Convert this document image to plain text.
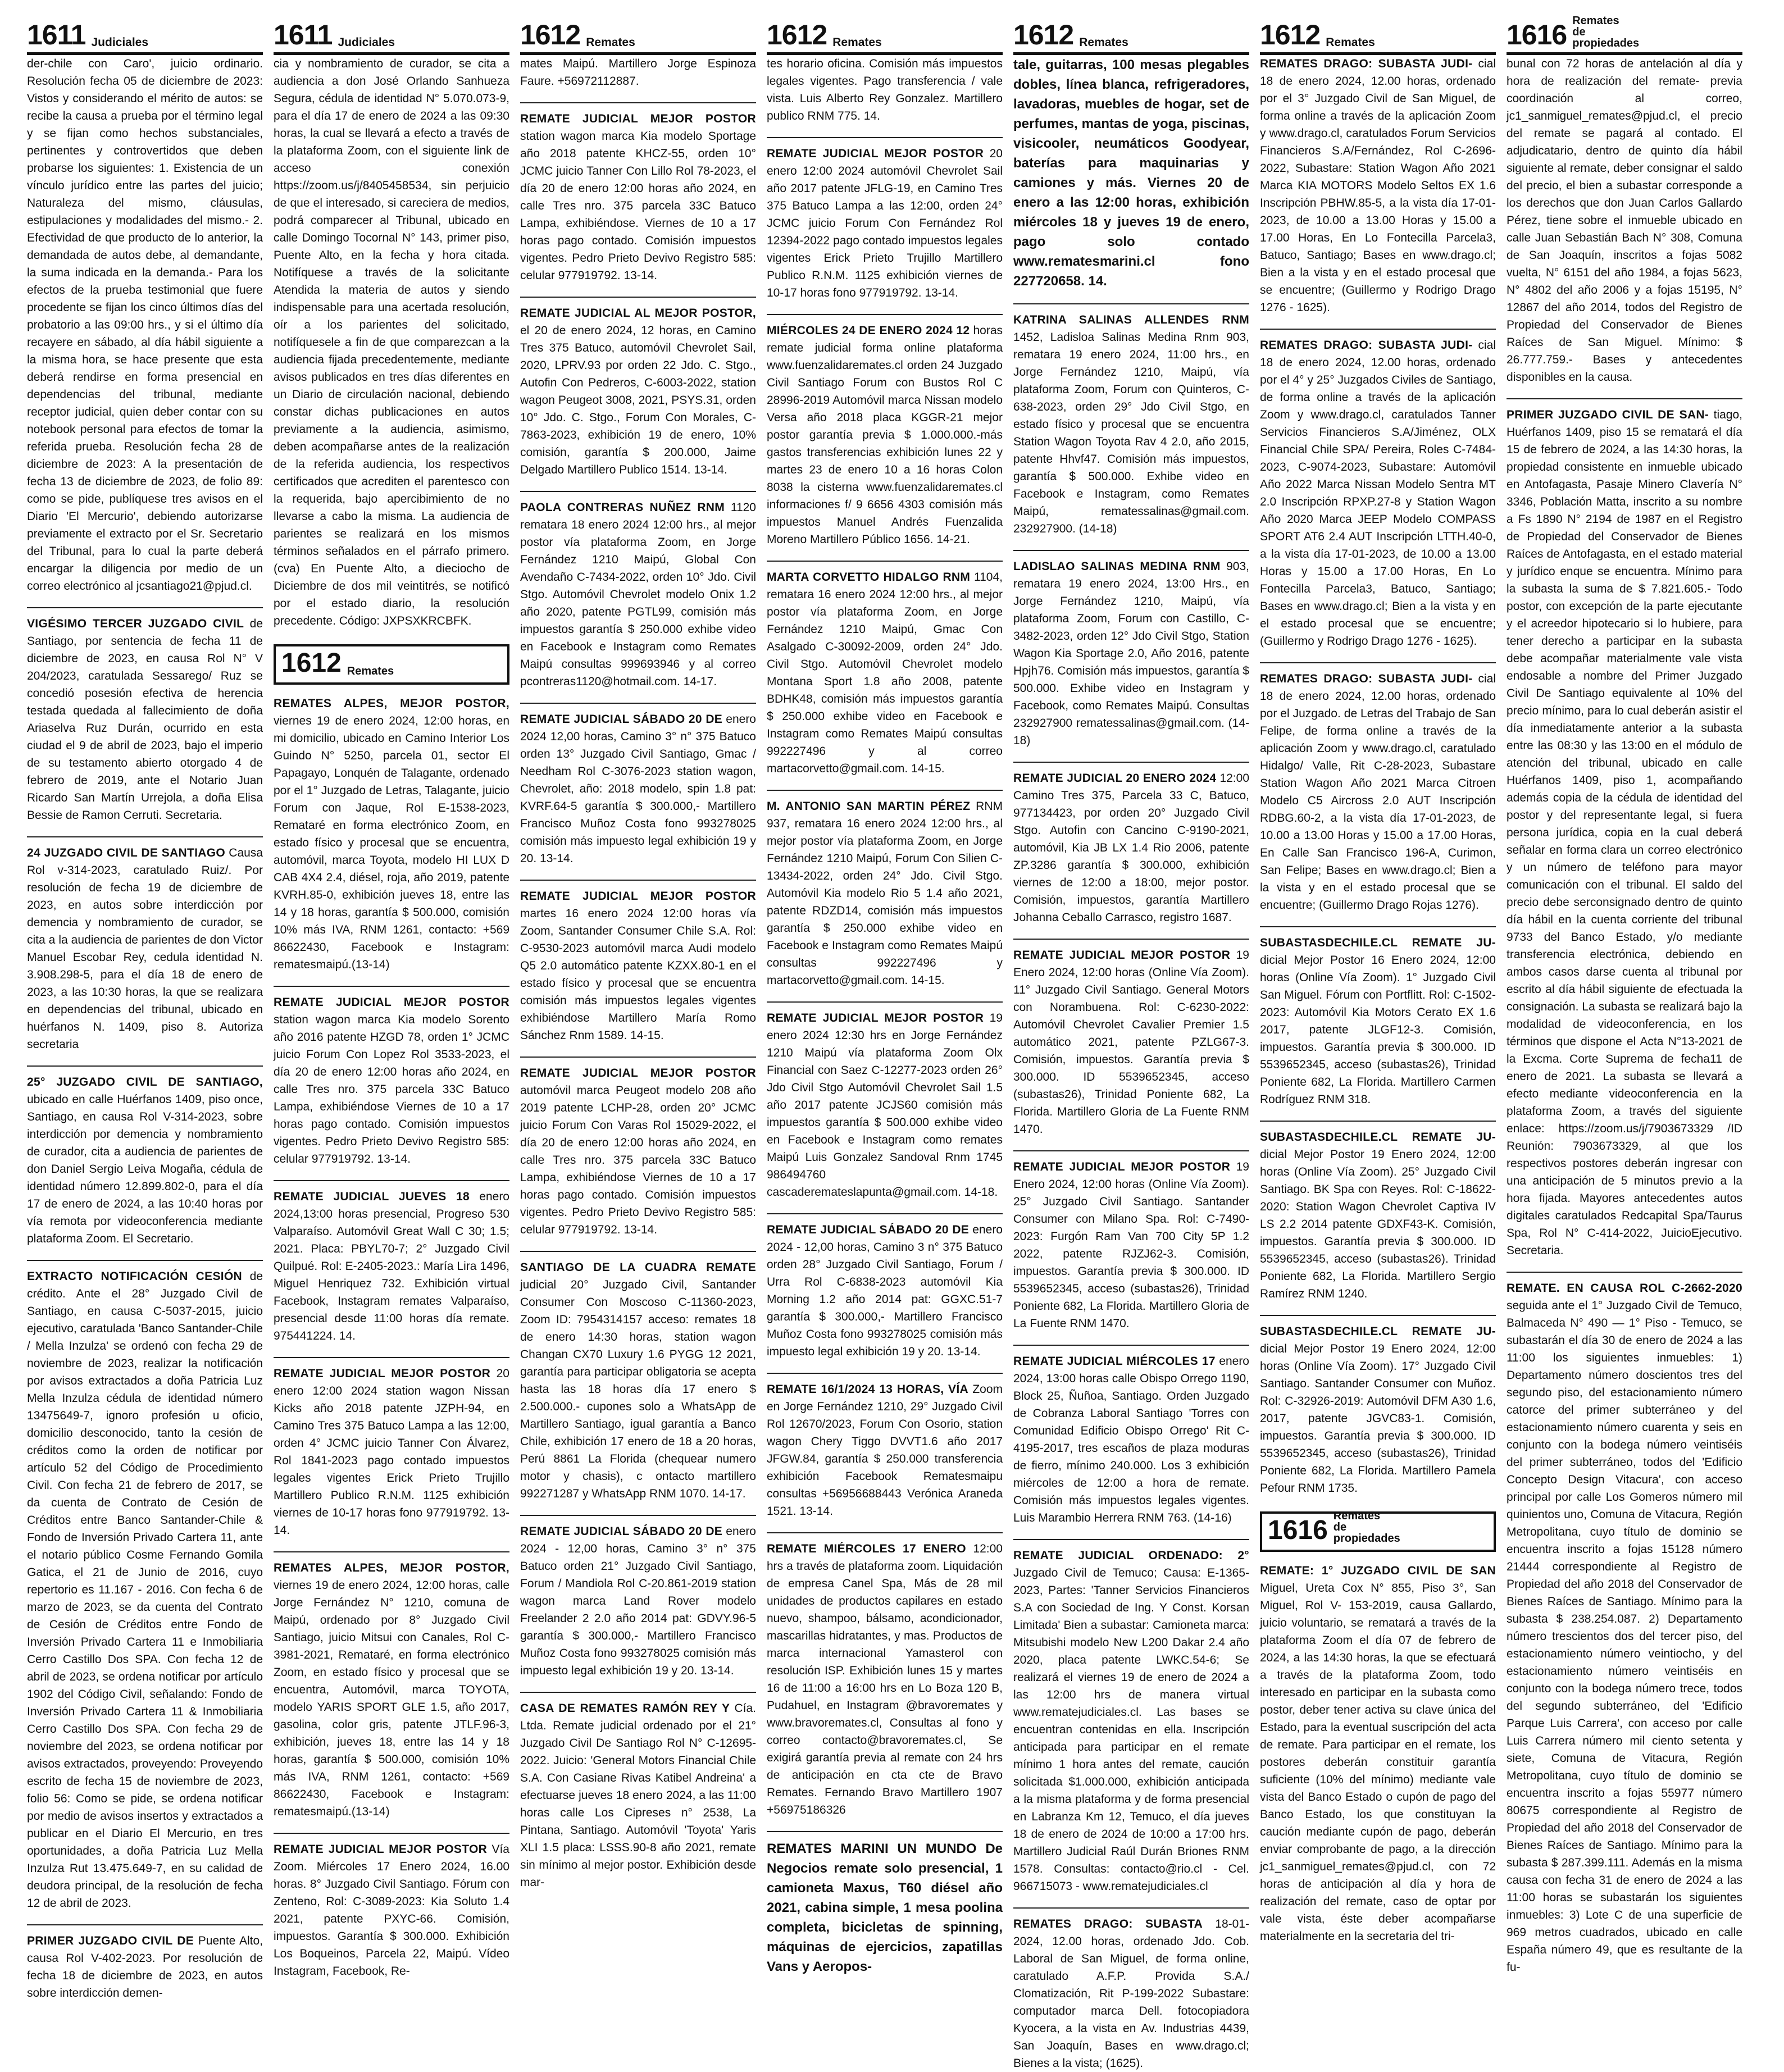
1611 Judiciales
der-chile con Caro', juicio ordinario. Resolución fecha 05 de diciembre de 2023: Vistos y considerando el mérito de autos: se recibe la causa a prueba por el término legal y se fijan como hechos substanciales, pertinentes y controvertidos que deben probarse los siguientes: 1. Existencia de un vínculo jurídico entre las partes del juicio; Naturaleza del mismo, cláusulas, estipulaciones y modalidades del mismo.- 2. Efectividad de que producto de lo anterior, la demandada de autos debe, al demandante, la suma indicada en la demanda.- Para los efectos de la prueba testimonial que fuere procedente se fijan los cinco últimos días del probatorio a las 09:00 hrs., y si el último día recayere en sábado, al día hábil siguiente a la misma hora, se hace presente que esta deberá rendirse en forma presencial en dependencias del tribunal, mediante receptor judicial, quien deber contar con su notebook personal para efectos de tomar la referida prueba. Resolución fecha 28 de diciembre de 2023: A la presentación de fecha 13 de diciembre de 2023, de folio 89: como se pide, publíquese tres avisos en el Diario 'El Mercurio', debiendo autorizarse previamente el extracto por el Sr. Secretario del Tribunal, para lo cual la parte deberá encargar la diligencia por medio de un correo electrónico al jcsantiago21@pjud.cl.
VIGÉSIMO TERCER JUZGADO CIVIL de Santiago, por sentencia de fecha 11 de diciembre de 2023, en causa Rol N° V 204/2023, caratulada Sessarego/ Ruz se concedió posesión efectiva de herencia testada quedada al fallecimiento de doña Ariaselva Ruz Durán, ocurrido en esta ciudad el 9 de abril de 2023, bajo el imperio de su testamento abierto otorgado 4 de febrero de 2019, ante el Notario Juan Ricardo San Martín Urrejola, a doña Elisa Bessie de Ramon Cerruti. Secretaria.
24 JUZGADO CIVIL DE SANTIAGO Causa Rol v-314-2023, caratulado Ruiz/. Por resolución de fecha 19 de diciembre de 2023, en autos sobre interdicción por demencia y nombramiento de curador, se cita a la audiencia de parientes de don Victor Manuel Escobar Rey, cedula identidad N. 3.908.298-5, para el día 18 de enero de 2023, a las 10:30 horas, la que se realizara en dependencias del tribunal, ubicado en huérfanos N. 1409, piso 8. Autoriza secretaria
25° JUZGADO CIVIL DE SANTIAGO, ubicado en calle Huérfanos 1409, piso once, Santiago, en causa Rol V-314-2023, sobre interdicción por demencia y nombramiento de curador, cita a audiencia de parientes de don Daniel Sergio Leiva Mogaña, cédula de identidad número 12.899.802-0, para el día 17 de enero de 2024, a las 10:40 horas por vía remota por videoconferencia mediante plataforma Zoom. El Secretario.
EXTRACTO NOTIFICACIÓN CESIÓN de crédito. Ante el 28° Juzgado Civil de Santiago, en causa C-5037-2015, juicio ejecutivo, caratulada 'Banco Santander-Chile / Mella Inzulza' se ordenó con fecha 29 de noviembre de 2023, realizar la notificación por avisos extractados a doña Patricia Luz Mella Inzulza cédula de identidad número 13475649-7, ignoro profesión u oficio, domicilio desconocido, tanto la cesión de créditos como la orden de notificar por artículo 52 del Código de Procedimiento Civil. Con fecha 21 de febrero de 2017, se da cuenta de Contrato de Cesión de Créditos entre Banco Santander-Chile & Fondo de Inversión Privado Cartera 11, ante el notario público Cosme Fernando Gomila Gatica, el 21 de Junio de 2016, cuyo repertorio es 11.167 - 2016. Con fecha 6 de marzo de 2023, se da cuenta del Contrato de Cesión de Créditos entre Fondo de Inversión Privado Cartera 11 e Inmobiliaria Cerro Castillo Dos SPA. Con fecha 12 de abril de 2023, se ordena notificar por artículo 1902 del Código Civil, señalando: Fondo de Inversión Privado Cartera 11 & Inmobiliaria Cerro Castillo Dos SPA. Con fecha 29 de noviembre del 2023, se ordena notificar por avisos extractados, proveyendo: Proveyendo escrito de fecha 15 de noviembre de 2023, folio 56: Como se pide, se ordena notificar por medio de avisos insertos y extractados a publicar en el Diario El Mercurio, en tres oportunidades, a doña Patricia Luz Mella Inzulza Rut 13.475.649-7, en su calidad de deudora principal, de la resolución de fecha 12 de abril de 2023.
PRIMER JUZGADO CIVIL DE Puente Alto, causa Rol V-402-2023. Por resolución de fecha 18 de diciembre de 2023, en autos sobre interdicción demen-
1611 Judiciales
cia y nombramiento de curador, se cita a audiencia a don José Orlando Sanhueza Segura, cédula de identidad N° 5.070.073-9, para el día 17 de enero de 2024 a las 09:30 horas, la cual se llevará a efecto a través de la plataforma Zoom, con el siguiente link de acceso conexión https://zoom.us/j/8405458534, sin perjuicio de que el interesado, si careciera de medios, podrá comparecer al Tribunal, ubicado en calle Domingo Tocornal N° 143, primer piso, Puente Alto, en la fecha y hora citada. Notifíquese a través de la solicitante Atendida la materia de autos y siendo indispensable para una acertada resolución, oír a los parientes del solicitado, notifíquesele a fin de que comparezcan a la audiencia fijada precedentemente, mediante avisos publicados en tres días diferentes en un Diario de circulación nacional, debiendo constar dichas publicaciones en autos previamente a la audiencia, asimismo, deben acompañarse antes de la realización de la referida audiencia, los respectivos certificados que acrediten el parentesco con la requerida, bajo apercibimiento de no llevarse a cabo la misma. La audiencia de parientes se realizará en los mismos términos señalados en el párrafo primero. (cva) En Puente Alto, a dieciocho de Diciembre de dos mil veintitrés, se notificó por el estado diario, la resolución precedente. Código: JXPSXKRCBFK.
1612 Remates
REMATES ALPES, MEJOR POSTOR, viernes 19 de enero 2024, 12:00 horas, en mi domicilio, ubicado en Camino Interior Los Guindo N° 5250, parcela 01, sector El Papagayo, Lonquén de Talagante, ordenado por el 1° Juzgado de Letras, Talagante, juicio Forum con Jaque, Rol E-1538-2023, Remataré en forma electrónico Zoom, en estado físico y procesal que se encuentra, automóvil, marca Toyota, modelo HI LUX D CAB 4X4 2.4, diésel, roja, año 2019, patente KVRH.85-0, exhibición jueves 18, entre las 14 y 18 horas, garantía $ 500.000, comisión 10% más IVA, RNM 1261, contacto: +569 86622430, Facebook e Instagram: rematesmaipú.(13-14)
REMATE JUDICIAL MEJOR POSTOR station wagon marca Kia modelo Sorento año 2016 patente HZGD 78, orden 1° JCMC juicio Forum Con Lopez Rol 3533-2023, el día 20 de enero 12:00 horas año 2024, en calle Tres nro. 375 parcela 33C Batuco Lampa, exhibiéndose Viernes de 10 a 17 horas pago contado. Comisión impuestos vigentes. Pedro Prieto Devivo Registro 585: celular 977919792. 13-14.
REMATE JUDICIAL JUEVES 18 enero 2024,13:00 horas presencial, Progreso 530 Valparaíso. Automóvil Great Wall C 30; 1.5; 2021. Placa: PBYL70-7; 2° Juzgado Civil Quilpué. Rol: E-2405-2023.: María Lira 1496, Miguel Henriquez 732. Exhibición virtual Facebook, Instagram remates Valparaíso, presencial desde 11:00 horas día remate. 975441224. 14.
REMATE JUDICIAL MEJOR POSTOR 20 enero 12:00 2024 station wagon Nissan Kicks año 2018 patente JZPH-94, en Camino Tres 375 Batuco Lampa a las 12:00, orden 4° JCMC juicio Tanner Con Álvarez, Rol 1841-2023 pago contado impuestos legales vigentes Erick Prieto Trujillo Martillero Publico R.N.M. 1125 exhibición viernes de 10-17 horas fono 977919792. 13-14.
REMATES ALPES, MEJOR POSTOR, viernes 19 de enero 2024, 12:00 horas, calle Jorge Fernández N° 1210, comuna de Maipú, ordenado por 8° Juzgado Civil Santiago, juicio Mitsui con Canales, Rol C-3981-2021, Remataré, en forma electrónico Zoom, en estado físico y procesal que se encuentra, Automóvil, marca TOYOTA, modelo YARIS SPORT GLE 1.5, año 2017, gasolina, color gris, patente JTLF.96-3, exhibición, jueves 18, entre las 14 y 18 horas, garantía $ 500.000, comisión 10% más IVA, RNM 1261, contacto: +569 86622430, Facebook e Instagram: rematesmaipú.(13-14)
REMATE JUDICIAL MEJOR POSTOR Vía Zoom. Miércoles 17 Enero 2024, 16.00 horas. 8° Juzgado Civil Santiago. Fórum con Zenteno, Rol: C-3089-2023: Kia Soluto 1.4 2021, patente PXYC-66. Comisión, impuestos. Garantía $ 300.000. Exhibición Los Boqueinos, Parcela 22, Maipú. Vídeo Instagram, Facebook, Re-
1612 Remates
mates Maipú. Martillero Jorge Espinoza Faure. +56972112887.
REMATE JUDICIAL MEJOR POSTOR station wagon marca Kia modelo Sportage año 2018 patente KHCZ-55, orden 10° JCMC juicio Tanner Con Lillo Rol 78-2023, el día 20 de enero 12:00 horas año 2024, en calle Tres nro. 375 parcela 33C Batuco Lampa, exhibiéndose. Viernes de 10 a 17 horas pago contado. Comisión impuestos vigentes. Pedro Prieto Devivo Registro 585: celular 977919792. 13-14.
REMATE JUDICIAL AL MEJOR POSTOR, el 20 de enero 2024, 12 horas, en Camino Tres 375 Batuco, automóvil Chevrolet Sail, 2020, LPRV.93 por orden 22 Jdo. C. Stgo., Autofin Con Pedreros, C-6003-2022, station wagon Peugeot 3008, 2021, PSYS.31, orden 10° Jdo. C. Stgo., Forum Con Morales, C-7863-2023, exhibición 19 de enero, 10% comisión, garantía $ 200.000, Jaime Delgado Martillero Publico 1514. 13-14.
PAOLA CONTRERAS NUÑEZ RNM 1120 rematara 18 enero 2024 12:00 hrs., al mejor postor vía plataforma Zoom, en Jorge Fernández 1210 Maipú, Global Con Avendaño C-7434-2022, orden 10° Jdo. Civil Stgo. Automóvil Chevrolet modelo Onix 1.2 año 2020, patente PGTL99, comisión más impuestos garantía $ 250.000 exhibe video en Facebook e Instagram como Remates Maipú consultas 999693946 y al correo pcontreras1120@hotmail.com. 14-17.
REMATE JUDICIAL SÁBADO 20 DE enero 2024 12,00 horas, Camino 3° n° 375 Batuco orden 13° Juzgado Civil Santiago, Gmac / Needham Rol C-3076-2023 station wagon, Chevrolet, año: 2018 modelo, spin 1.8 pat: KVRF.64-5 garantía $ 300.000,- Martillero Francisco Muñoz Costa fono 993278025 comisión más impuesto legal exhibición 19 y 20. 13-14.
REMATE JUDICIAL MEJOR POSTOR martes 16 enero 2024 12:00 horas vía Zoom, Santander Consumer Chile S.A. Rol: C-9530-2023 automóvil marca Audi modelo Q5 2.0 automático patente KZXX.80-1 en el estado físico y procesal que se encuentra comisión más impuestos legales vigentes exhibiéndose Martillero María Romo Sánchez Rnm 1589. 14-15.
REMATE JUDICIAL MEJOR POSTOR automóvil marca Peugeot modelo 208 año 2019 patente LCHP-28, orden 20° JCMC juicio Forum Con Varas Rol 15029-2022, el día 20 de enero 12:00 horas año 2024, en calle Tres nro. 375 parcela 33C Batuco Lampa, exhibiéndose Viernes de 10 a 17 horas pago contado. Comisión impuestos vigentes. Pedro Prieto Devivo Registro 585: celular 977919792. 13-14.
SANTIAGO DE LA CUADRA REMATE judicial 20° Juzgado Civil, Santander Consumer Con Moscoso C-11360-2023, Zoom ID: 7954314157 acceso: remates 18 de enero 14:30 horas, station wagon Changan CX70 Luxury 1.6 PYGG 12 2021, garantía para participar obligatoria se acepta hasta las 18 horas día 17 enero $ 2.500.000.- cupones solo a WhatsApp de Martillero Santiago, igual garantía a Banco Chile, exhibición 17 enero de 18 a 20 horas, Perú 8861 La Florida (chequear numero motor y chasis), c ontacto martillero 992271287 y WhatsApp RNM 1070. 14-17.
REMATE JUDICIAL SÁBADO 20 DE enero 2024 - 12,00 horas, Camino 3° n° 375 Batuco orden 21° Juzgado Civil Santiago, Forum / Mandiola Rol C-20.861-2019 station wagon marca Land Rover modelo Freelander 2 2.0 año 2014 pat: GDVY.96-5 garantía $ 300.000,- Martillero Francisco Muñoz Costa fono 993278025 comisión más impuesto legal exhibición 19 y 20. 13-14.
CASA DE REMATES RAMÓN REY Y Cía. Ltda. Remate judicial ordenado por el 21° Juzgado Civil De Santiago Rol N° C-12695-2022. Juicio: 'General Motors Financial Chile S.A. Con Casiane Rivas Katibel Andreina' a efectuarse jueves 18 enero 2024, a las 11:00 horas calle Los Cipreses n° 2538, La Pintana, Santiago. Automóvil 'Toyota' Yaris XLI 1.5 placa: LSSS.90-8 año 2021, remate sin mínimo al mejor postor. Exhibición desde mar-
1612 Remates
tes horario oficina. Comisión más impuestos legales vigentes. Pago transferencia / vale vista. Luis Alberto Rey Gonzalez. Martillero publico RNM 775. 14.
REMATE JUDICIAL MEJOR POSTOR 20 enero 12:00 2024 automóvil Chevrolet Sail año 2017 patente JFLG-19, en Camino Tres 375 Batuco Lampa a las 12:00, orden 24° JCMC juicio Forum Con Fernández Rol 12394-2022 pago contado impuestos legales vigentes Erick Prieto Trujillo Martillero Publico R.N.M. 1125 exhibición viernes de 10-17 horas fono 977919792. 13-14.
MIÉRCOLES 24 DE ENERO 2024 12 horas remate judicial forma online plataforma www.fuenzalidaremates.cl orden 24 Juzgado Civil Santiago Forum con Bustos Rol C 28996-2019 Automóvil marca Nissan modelo Versa año 2018 placa KGGR-21 mejor postor garantía previa $ 1.000.000.-más gastos transferencias exhibición lunes 22 y martes 23 de enero 10 a 16 horas Colon 8038 la cisterna www.fuenzalidaremates.cl informaciones f/ 9 6656 4303 comisión más impuestos Manuel Andrés Fuenzalida Moreno Martillero Público 1656. 14-21.
MARTA CORVETTO HIDALGO RNM 1104, rematara 16 enero 2024 12:00 hrs., al mejor postor vía plataforma Zoom, en Jorge Fernández 1210 Maipú, Gmac Con Asalgado C-30092-2009, orden 24° Jdo. Civil Stgo. Automóvil Chevrolet modelo Montana Sport 1.8 año 2008, patente BDHK48, comisión más impuestos garantía $ 250.000 exhibe video en Facebook e Instagram como Remates Maipú consultas 992227496 y al correo martacorvetto@gmail.com. 14-15.
M. ANTONIO SAN MARTIN PÉREZ RNM 937, rematara 16 enero 2024 12:00 hrs., al mejor postor vía plataforma Zoom, en Jorge Fernández 1210 Maipú, Forum Con Silien C-13434-2022, orden 24° Jdo. Civil Stgo. Automóvil Kia modelo Rio 5 1.4 año 2021, patente RDZD14, comisión más impuestos garantía $ 250.000 exhibe video en Facebook e Instagram como Remates Maipú consultas 992227496 y martacorvetto@gmail.com. 14-15.
REMATE JUDICIAL MEJOR POSTOR 19 enero 2024 12:30 hrs en Jorge Fernández 1210 Maipú vía plataforma Zoom Olx Financial con Saez C-12277-2023 orden 26° Jdo Civil Stgo Automóvil Chevrolet Sail 1.5 año 2017 patente JCJS60 comisión más impuestos garantía $ 500.000 exhibe video en Facebook e Instagram como remates Maipú Luis Gonzalez Sandoval Rnm 1745 986494760 cascaderemateslapunta@gmail.com. 14-18.
REMATE JUDICIAL SÁBADO 20 DE enero 2024 - 12,00 horas, Camino 3 n° 375 Batuco orden 28° Juzgado Civil Santiago, Forum / Urra Rol C-6838-2023 automóvil Kia Morning 1.2 año 2014 pat: GGXC.51-7 garantía $ 300.000,- Martillero Francisco Muñoz Costa fono 993278025 comisión más impuesto legal exhibición 19 y 20. 13-14.
REMATE 16/1/2024 13 HORAS, VÍA Zoom en Jorge Fernández 1210, 29° Juzgado Civil Rol 12670/2023, Forum Con Osorio, station wagon Chery Tiggo DVVT1.6 año 2017 JFGW.84, garantía $ 250.000 transferencia exhibición Facebook Rematesmaipu consultas +56956688443 Verónica Araneda 1521. 13-14.
REMATE MIÉRCOLES 17 ENERO 12:00 hrs a través de plataforma zoom. Liquidación de empresa Canel Spa, Más de 28 mil unidades de productos capilares en estado nuevo, shampoo, bálsamo, acondicionador, mascarillas hidratantes, y mas. Productos de marca internacional Yamasterol con resolución ISP. Exhibición lunes 15 y martes 16 de 11:00 a 16:00 hrs en Lo Boza 120 B, Pudahuel, en Instagram @bravoremates y www.bravoremates.cl, Consultas al fono y correo contacto@bravoremates.cl, Se exigirá garantía previa al remate con 24 hrs de anticipación en cta cte de Bravo Remates. Fernando Bravo Martillero 1907 +56975186326
REMATES MARINI UN MUNDO De Negocios remate solo presencial, 1 camioneta Maxus, T60 diésel año 2021, cabina simple, 1 mesa poolina completa, bicicletas de spinning, máquinas de ejercicios, zapatillas Vans y Aeropos-
1612 Remates
tale, guitarras, 100 mesas plegables dobles, línea blanca, refrigeradores, lavadoras, muebles de hogar, set de perfumes, mantas de yoga, piscinas, visicooler, neumáticos Goodyear, baterías para maquinarias y camiones y más. Viernes 20 de enero a las 12:00 horas, exhibición miércoles 18 y jueves 19 de enero, pago solo contado www.rematesmarini.cl fono 227720658. 14.
KATRINA SALINAS ALLENDES RNM 1452, Ladisloa Salinas Medina Rnm 903, rematara 19 enero 2024, 11:00 hrs., en Jorge Fernández 1210, Maipú, vía plataforma Zoom, Forum con Quinteros, C-638-2023, orden 29° Jdo Civil Stgo, en estado físico y procesal que se encuentra Station Wagon Toyota Rav 4 2.0, año 2015, patente Hhvf47. Comisión más impuestos, garantía $ 500.000. Exhibe video en Facebook e Instagram, como Remates Maipú, rematessalinas@gmail.com. 232927900. (14-18)
LADISLAO SALINAS MEDINA RNM 903, rematara 19 enero 2024, 13:00 Hrs., en Jorge Fernández 1210, Maipú, vía plataforma Zoom, Forum con Castillo, C-3482-2023, orden 12° Jdo Civil Stgo, Station Wagon Kia Sportage 2.0, Año 2016, patente Hpjh76. Comisión más impuestos, garantía $ 500.000. Exhibe video en Instagram y Facebook, como Remates Maipú. Consultas 232927900 rematessalinas@gmail.com. (14-18)
REMATE JUDICIAL 20 ENERO 2024 12:00 Camino Tres 375, Parcela 33 C, Batuco, 977134423, por orden 20° Juzgado Civil Stgo. Autofin con Cancino C-9190-2021, automóvil, Kia JB LX 1.4 Rio 2006, patente ZP.3286 garantía $ 300.000, exhibición viernes de 12:00 a 18:00, mejor postor. Comisión, impuestos, garantía Martillero Johanna Ceballo Carrasco, registro 1687.
REMATE JUDICIAL MEJOR POSTOR 19 Enero 2024, 12:00 horas (Online Vía Zoom). 11° Juzgado Civil Santiago. General Motors con Norambuena. Rol: C-6230-2022: Automóvil Chevrolet Cavalier Premier 1.5 automático 2021, patente PZLG67-3. Comisión, impuestos. Garantía previa $ 300.000. ID 5539652345, acceso (subastas26), Trinidad Poniente 682, La Florida. Martillero Gloria de La Fuente RNM 1470.
REMATE JUDICIAL MEJOR POSTOR 19 Enero 2024, 12:00 horas (Online Vía Zoom). 25° Juzgado Civil Santiago. Santander Consumer con Milano Spa. Rol: C-7490-2023: Furgón Ram Van 700 City 5P 1.2 2022, patente RJZJ62-3. Comisión, impuestos. Garantía previa $ 300.000. ID 5539652345, acceso (subastas26), Trinidad Poniente 682, La Florida. Martillero Gloria de La Fuente RNM 1470.
REMATE JUDICIAL MIÉRCOLES 17 enero 2024, 13:00 horas calle Obispo Orrego 1190, Block 25, Ñuñoa, Santiago. Orden Juzgado de Cobranza Laboral Santiago 'Torres con Comunidad Edificio Obispo Orrego' Rit C-4195-2017, tres escaños de plaza moduras de fierro, mínimo 240.000. Los 3 exhibición miércoles de 12:00 a hora de remate. Comisión más impuestos legales vigentes. Luis Marambio Herrera RNM 763. (14-16)
REMATE JUDICIAL ORDENADO: 2° Juzgado Civil de Temuco; Causa: E-1365-2023, Partes: 'Tanner Servicios Financieros S.A con Sociedad de Ing. Y Const. Korsan Limitada' Bien a subastar: Camioneta marca: Mitsubishi modelo New L200 Dakar 2.4 año 2020, placa patente LWKC.54-6; Se realizará el viernes 19 de enero de 2024 a las 12:00 hrs de manera virtual www.rematejudiciales.cl. Las bases se encuentran contenidas en ella. Inscripción anticipada para participar en el remate mínimo 1 hora antes del remate, caución solicitada $1.000.000, exhibición anticipada a la misma plataforma y de forma presencial en Labranza Km 12, Temuco, el día jueves 18 de enero de 2024 de 10:00 a 17:00 hrs. Martillero Judicial Raúl Durán Briones RNM 1578. Consultas: contacto@rio.cl - Cel. 966715073 - www.rematejudiciales.cl
REMATES DRAGO: SUBASTA 18-01-2024, 12.00 horas, ordenado Jdo. Cob. Laboral de San Miguel, de forma online, caratulado A.F.P. Provida S.A./ Clomatización, Rit P-199-2022 Subastare: computador marca Dell. fotocopiadora Kyocera, a la vista en Av. Industrias 4439, San Joaquín, Bases en www.drago.cl; Bienes a la vista; (1625).
1612 Remates
REMATES DRAGO: SUBASTA JUDI- cial 18 de enero 2024, 12.00 horas, ordenado por el 3° Juzgado Civil de San Miguel, de forma online a través de la aplicación Zoom y www.drago.cl, caratulados Forum Servicios Financieros S.A/Fernández, Rol C-2696-2022, Subastare: Station Wagon Año 2021 Marca KIA MOTORS Modelo Seltos EX 1.6 Inscripción PBHW.85-5, a la vista día 17-01-2023, de 10.00 a 13.00 Horas y 15.00 a 17.00 Horas, En Lo Fontecilla Parcela3, Batuco, Santiago; Bases en www.drago.cl; Bien a la vista y en el estado procesal que se encuentre; (Guillermo y Rodrigo Drago 1276 - 1625).
REMATES DRAGO: SUBASTA JUDI- cial 18 de enero 2024, 12.00 horas, ordenado por el 4° y 25° Juzgados Civiles de Santiago, de forma online a través de la aplicación Zoom y www.drago.cl, caratulados Tanner Servicios Financieros S.A/Jiménez, OLX Financial Chile SPA/ Pereira, Roles C-7484-2023, C-9074-2023, Subastare: Automóvil Año 2022 Marca Nissan Modelo Sentra MT 2.0 Inscripción RPXP.27-8 y Station Wagon Año 2020 Marca JEEP Modelo COMPASS SPORT AT6 2.4 AUT Inscripción LTTH.40-0, a la vista día 17-01-2023, de 10.00 a 13.00 Horas y 15.00 a 17.00 Horas, En Lo Fontecilla Parcela3, Batuco, Santiago; Bases en www.drago.cl; Bien a la vista y en el estado procesal que se encuentre; (Guillermo y Rodrigo Drago 1276 - 1625).
REMATES DRAGO: SUBASTA JUDI- cial 18 de enero 2024, 12.00 horas, ordenado por el Juzgado. de Letras del Trabajo de San Felipe, de forma online a través de la aplicación Zoom y www.drago.cl, caratulado Hidalgo/ Valle, Rit C-28-2023, Subastare Station Wagon Año 2021 Marca Citroen Modelo C5 Aircross 2.0 AUT Inscripción RDBG.60-2, a la vista día 17-01-2023, de 10.00 a 13.00 Horas y 15.00 a 17.00 Horas, En Calle San Francisco 196-A, Curimon, San Felipe; Bases en www.drago.cl; Bien a la vista y en el estado procesal que se encuentre; (Guillermo Drago Rojas 1276).
SUBASTASDECHILE.CL REMATE JU- dicial Mejor Postor 16 Enero 2024, 12:00 horas (Online Vía Zoom). 1° Juzgado Civil San Miguel. Fórum con Portflitt. Rol: C-1502-2023: Automóvil Kia Motors Cerato EX 1.6 2017, patente JLGF12-3. Comisión, impuestos. Garantía previa $ 300.000. ID 5539652345, acceso (subastas26), Trinidad Poniente 682, La Florida. Martillero Carmen Rodríguez RNM 318.
SUBASTASDECHILE.CL REMATE JU- dicial Mejor Postor 19 Enero 2024, 12:00 horas (Online Vía Zoom). 25° Juzgado Civil Santiago. BK Spa con Reyes. Rol: C-18622-2020: Station Wagon Chevrolet Captiva IV LS 2.2 2014 patente GDXF43-K. Comisión, impuestos. Garantía previa $ 300.000. ID 5539652345, acceso (subastas26). Trinidad Poniente 682, La Florida. Martillero Sergio Ramírez RNM 1240.
SUBASTASDECHILE.CL REMATE JU- dicial Mejor Postor 19 Enero 2024, 12:00 horas (Online Vía Zoom). 17° Juzgado Civil Santiago. Santander Consumer con Muñoz. Rol: C-32926-2019: Automóvil DFM A30 1.6, 2017, patente JGVC83-1. Comisión, impuestos. Garantía previa $ 300.000. ID 5539652345, acceso (subastas26), Trinidad Poniente 682, La Florida. Martillero Pamela Pefour RNM 1735.
1616 Remates de propiedades
REMATE: 1° JUZGADO CIVIL DE SAN Miguel, Ureta Cox N° 855, Piso 3°, San Miguel, Rol V- 153-2019, causa Gallardo, juicio voluntario, se rematará a través de la plataforma Zoom el día 07 de febrero de 2024, a las 14:30 horas, la que se efectuará a través de la plataforma Zoom, todo interesado en participar en la subasta como postor, deber tener activa su clave única del Estado, para la eventual suscripción del acta de remate. Para participar en el remate, los postores deberán constituir garantía suficiente (10% del mínimo) mediante vale vista del Banco Estado o cupón de pago del Banco Estado, los que constituyan la caución mediante cupón de pago, deberán enviar comprobante de pago, a la dirección jc1_sanmiguel_remates@pjud.cl, con 72 horas de anticipación al día y hora de realización del remate, caso de optar por vale vista, éste deber acompañarse materialmente en la secretaria del tri-
1616 Remates de propiedades
bunal con 72 horas de antelación al día y hora de realización del remate- previa coordinación al correo, jc1_sanmiguel_remates@pjud.cl, el precio del remate se pagará al contado. El adjudicatario, dentro de quinto día hábil siguiente al remate, deber consignar el saldo del precio, el bien a subastar corresponde a los derechos que don Juan Carlos Gallardo Pérez, tiene sobre el inmueble ubicado en calle Juan Sebastián Bach N° 308, Comuna de San Joaquín, inscritos a fojas 5082 vuelta, N° 6151 del año 1984, a fojas 5623, N° 4802 del año 2006 y a fojas 15195, N° 12867 del año 2014, todos del Registro de Propiedad del Conservador de Bienes Raíces de San Miguel. Mínimo: $ 26.777.759.- Bases y antecedentes disponibles en la causa.
PRIMER JUZGADO CIVIL DE SAN- tiago, Huérfanos 1409, piso 15 se rematará el día 15 de febrero de 2024, a las 14:30 horas, la propiedad consistente en inmueble ubicado en Antofagasta, Pasaje Minero Clavería N° 3346, Población Matta, inscrito a su nombre a Fs 1890 N° 2194 de 1987 en el Registro de Propiedad del Conservador de Bienes Raíces de Antofagasta, en el estado material y jurídico enque se encuentra. Mínimo para la subasta la suma de $ 7.821.605.- Todo postor, con excepción de la parte ejecutante y el acreedor hipotecario si lo hubiere, para tener derecho a participar en la subasta debe acompañar materialmente vale vista endosable a nombre del Primer Juzgado Civil De Santiago equivalente al 10% del precio mínimo, para lo cual deberán asistir el día inmediatamente anterior a la subasta entre las 08:30 y las 13:00 en el módulo de atención del tribunal, ubicado en calle Huérfanos 1409, piso 1, acompañando además copia de la cédula de identidad del postor y del representante legal, si fuera persona jurídica, copia en la cual deberá señalar en forma clara un correo electrónico y un número de teléfono para mayor comunicación con el tribunal. El saldo del precio debe serconsignado dentro de quinto día hábil en la cuenta corriente del tribunal 9733 del Banco Estado, y/o mediante transferencia electrónica, debiendo en ambos casos darse cuenta al tribunal por escrito al día hábil siguiente de efectuada la consignación. La subasta se realizará bajo la modalidad de videoconferencia, en los términos que dispone el Acta N°13-2021 de la Excma. Corte Suprema de fecha11 de enero de 2021. La subasta se llevará a efecto mediante videoconferencia en la plataforma Zoom, a través del siguiente enlace: https://zoom.us/j/7903673329 /ID Reunión: 7903673329, al que los respectivos postores deberán ingresar con una anticipación de 5 minutos previo a la hora fijada. Mayores antecedentes autos digitales caratulados Redcapital Spa/Taurus Spa, Rol N° C-414-2022, JuicioEjecutivo. Secretaria.
REMATE. EN CAUSA ROL C-2662-2020 seguida ante el 1° Juzgado Civil de Temuco, Balmaceda N° 490 — 1° Piso - Temuco, se subastarán el día 30 de enero de 2024 a las 11:00 los siguientes inmuebles: 1) Departamento número doscientos tres del segundo piso, del estacionamiento número catorce del primer subterráneo y del estacionamiento número cuarenta y seis en conjunto con la bodega número veintiséis del primer subterráneo, todos del 'Edificio Concepto Design Vitacura', con acceso principal por calle Los Gomeros número mil quinientos uno, Comuna de Vitacura, Región Metropolitana, cuyo título de dominio se encuentra inscrito a fojas 15128 número 21444 correspondiente al Registro de Propiedad del año 2018 del Conservador de Bienes Raíces de Santiago. Mínimo para la subasta $ 238.254.087. 2) Departamento número trescientos dos del tercer piso, del estacionamiento número veintiocho, y del estacionamiento número veintiséis en conjunto con la bodega número trece, todos del segundo subterráneo, del 'Edificio Parque Luis Carrera', con acceso por calle Luis Carrera número mil ciento setenta y siete, Comuna de Vitacura, Región Metropolitana, cuyo título de dominio se encuentra inscrito a fojas 55977 número 80675 correspondiente al Registro de Propiedad del año 2018 del Conservador de Bienes Raíces de Santiago. Mínimo para la subasta $ 287.399.111. Además en la misma causa con fecha 31 de enero de 2024 a las 11:00 horas se subastarán los siguientes inmuebles: 3) Lote C de una superficie de 969 metros cuadrados, ubicado en calle España número 49, que es resultante de la fu-
